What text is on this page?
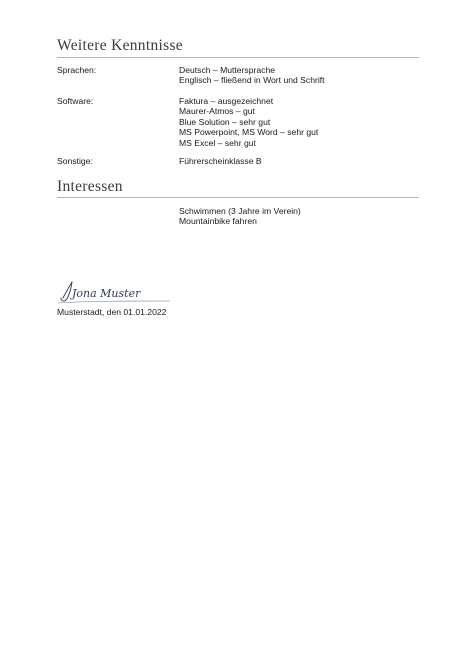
Weitere Kenntnisse
Sprachen:	Deutsch – Muttersprache
Englisch – fließend in Wort und Schrift
Software:	Faktura – ausgezeichnet
Maurer-Atmos – gut
Blue Solution – sehr gut
MS Powerpoint, MS Word – sehr gut
MS Excel – sehr gut
Sonstige:	Führerscheinklasse B
Interessen
Schwimmen (3 Jahre im Verein)
Mountainbike fahren
Jona Muster
Musterstadt, den 01.01.2022
